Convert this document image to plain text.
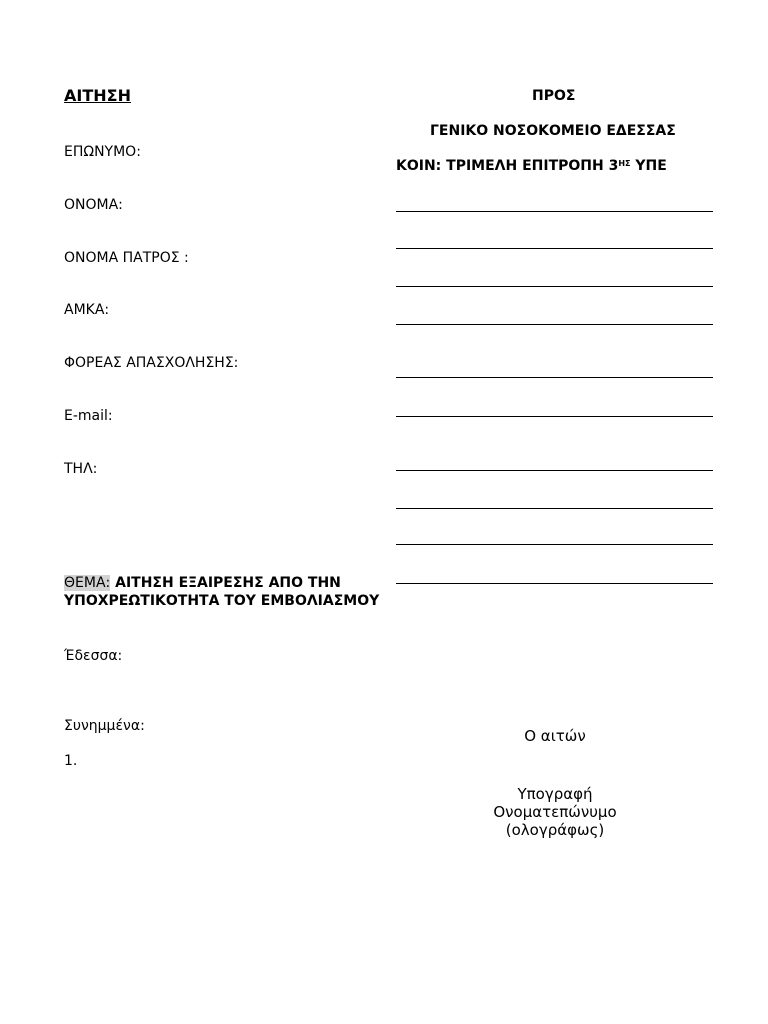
ΑΙΤΗΣΗ
ΕΠΩΝΥΜΟ:
ΟΝΟΜΑ:
ΟΝΟΜΑ ΠΑΤΡΟΣ :
ΑΜΚΑ:
ΦΟΡΕΑΣ ΑΠΑΣΧΟΛΗΣΗΣ:
E-mail:
ΤΗΛ:
ΠΡΟΣ
ΓΕΝΙΚΟ ΝΟΣΟΚΟΜΕΙΟ ΕΔΕΣΣΑΣ
ΚΟΙΝ: ΤΡΙΜΕΛΗ ΕΠΙΤΡΟΠΗ $3^{H\Sigma}$ ΥΠΕ
ΘΕΜΑ: ΑΙΤΗΣΗ ΕΞΑΙΡΕΣΗΣ ΑΠΟ ΤΗΝ ΥΠΟΧΡΕΩΤΙΚΟΤΗΤΑ ΤΟΥ ΕΜΒΟΛΙΑΣΜΟΥ
Έδεσσα:
Συνημμένα:
1.
Ο αιτών
Υπογραφή
Ονοματεπώνυμο
(ολογράφως)
